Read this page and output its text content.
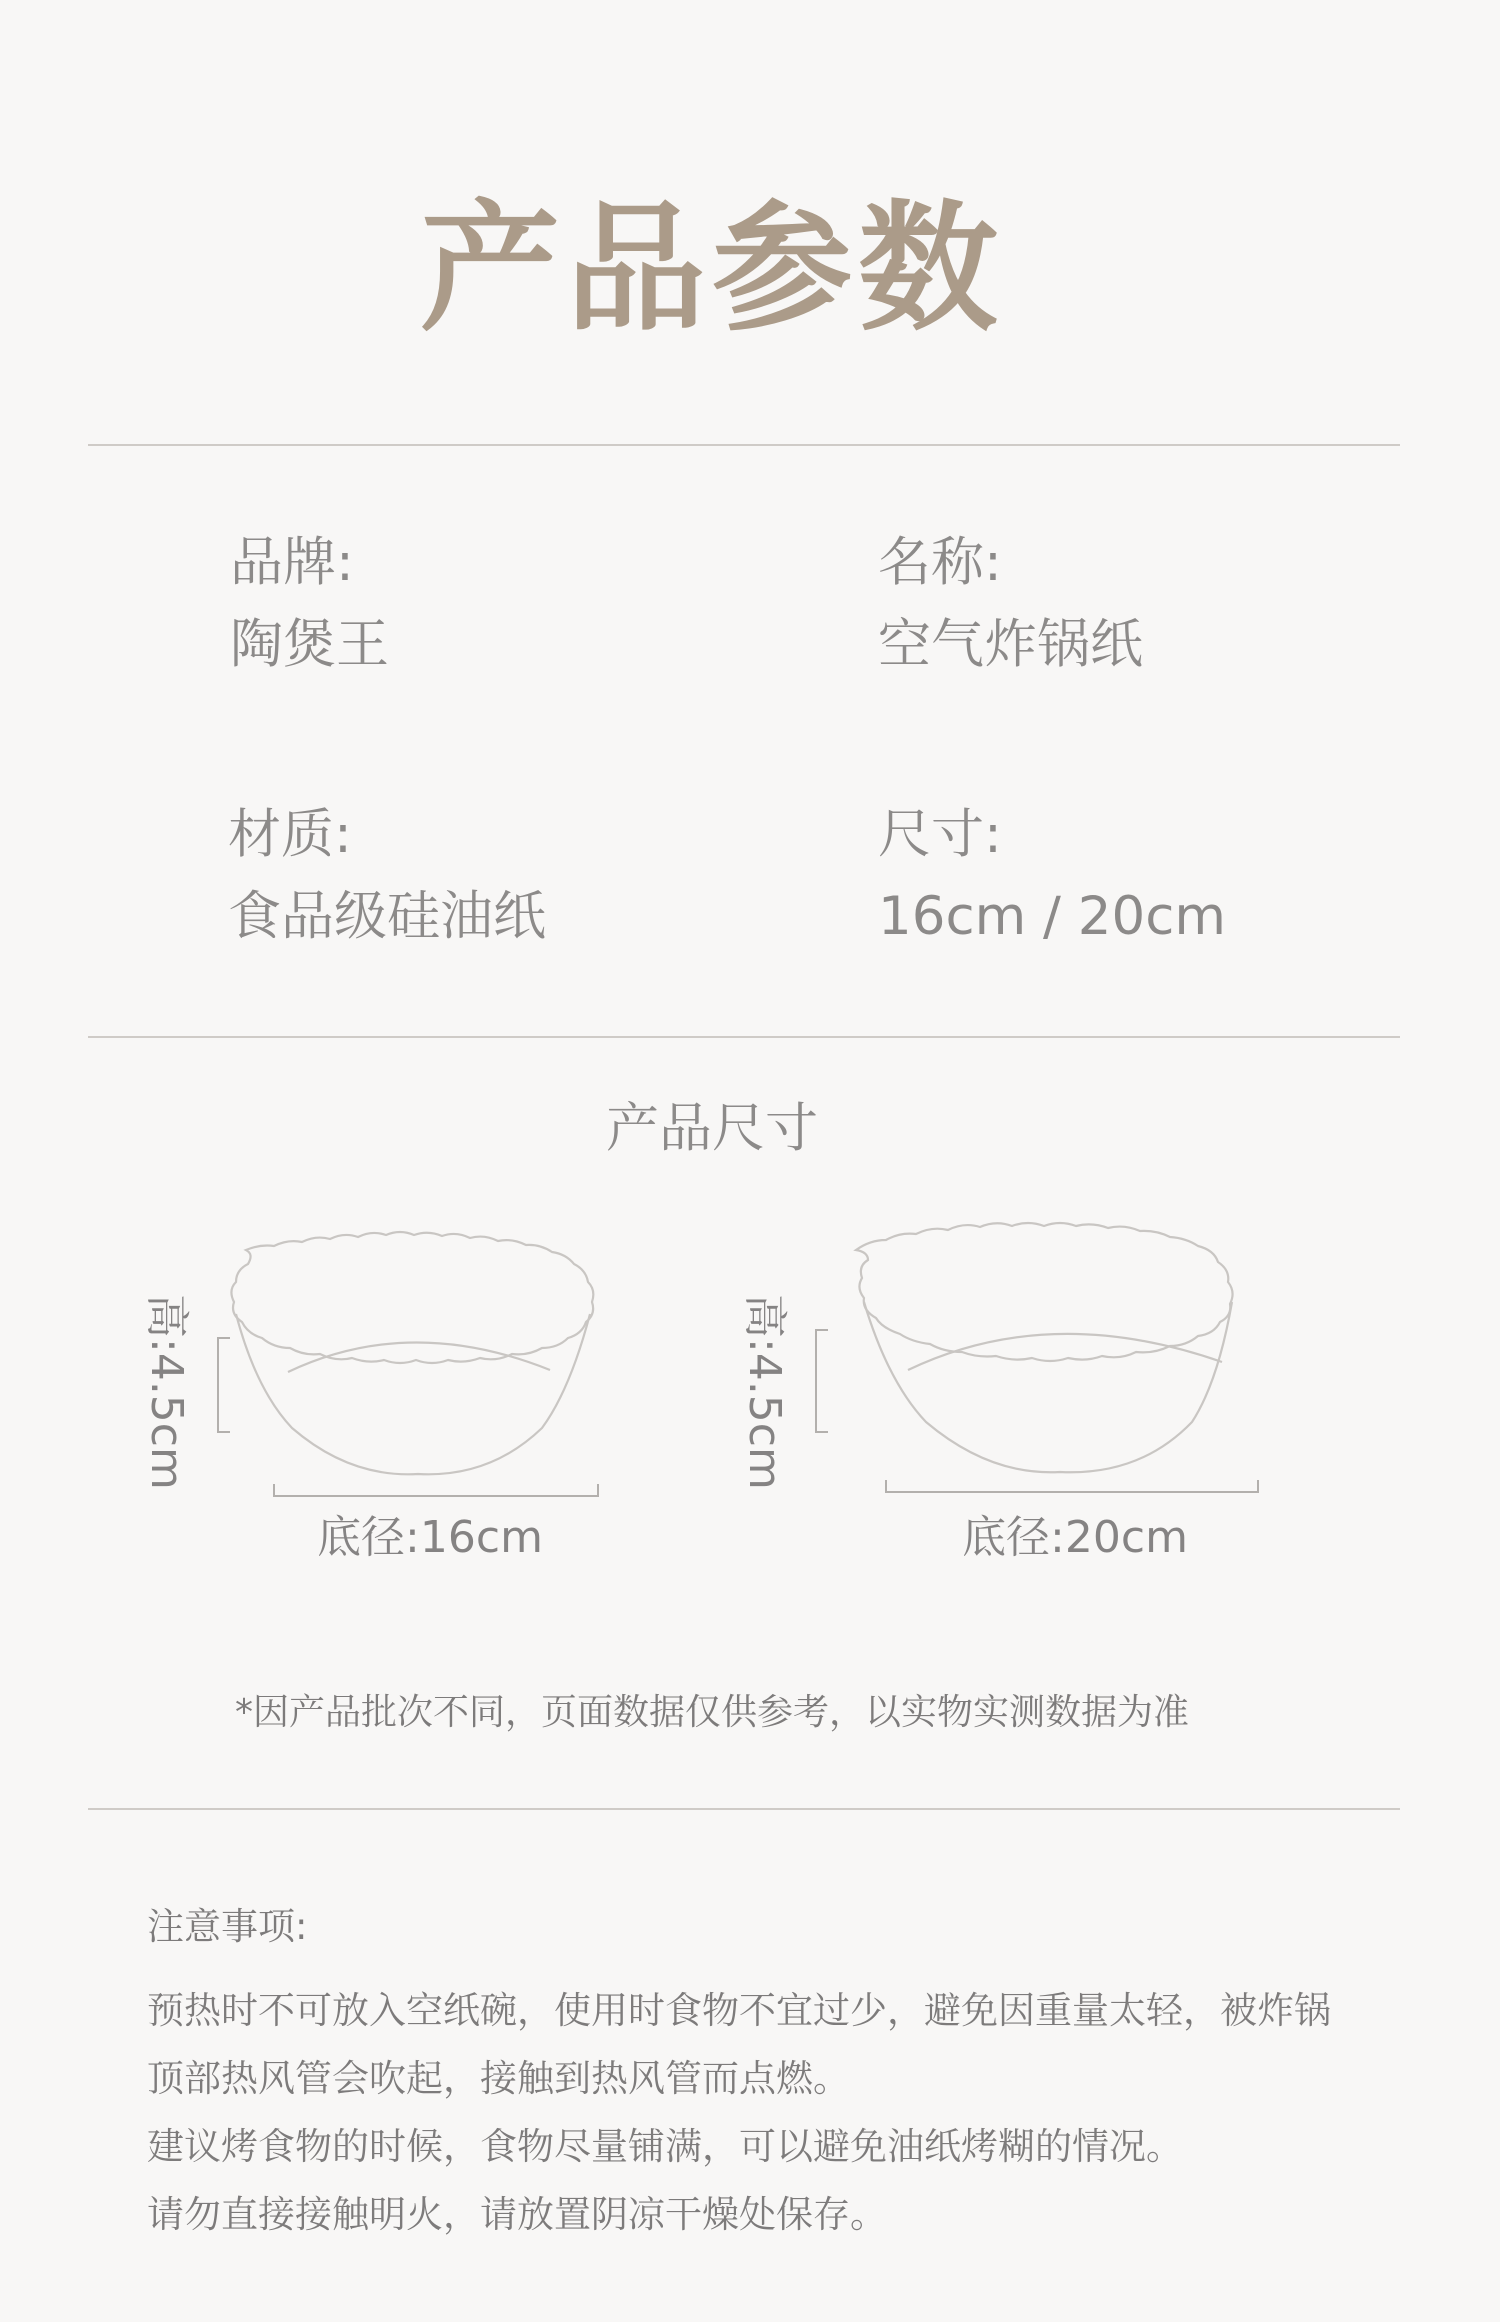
产品参数
品牌:
陶煲王
名称:
空气炸锅纸
材质:
食品级硅油纸
尺寸:
16cm / 20cm
产品尺寸
高:4.5cm
底径:16cm
高:4.5cm
底径:20cm
*因产品批次不同，页面数据仅供参考，以实物实测数据为准
注意事项:
预热时不可放入空纸碗，使用时食物不宜过少，避免因重量太轻，被炸锅
顶部热风管会吹起，接触到热风管而点燃。
建议烤食物的时候，食物尽量铺满，可以避免油纸烤糊的情况。
请勿直接接触明火，请放置阴凉干燥处保存。
